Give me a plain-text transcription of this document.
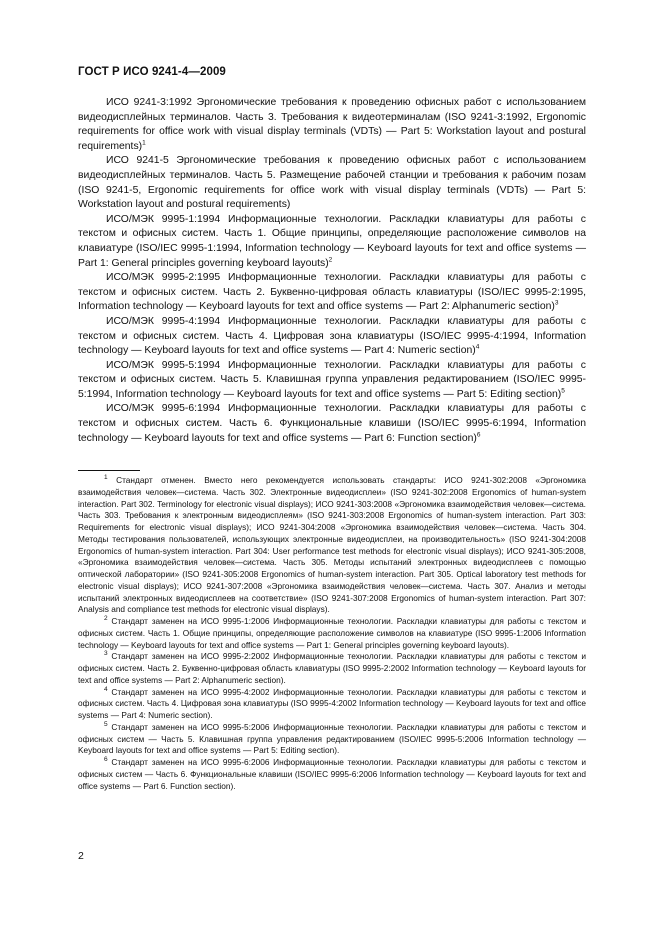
ГОСТ Р ИСО 9241-4—2009

ИСО 9241-3:1992 Эргономические требования к проведению офисных работ с использованием видеодисплейных терминалов. Часть 3. Требования к видеотерминалам (ISO 9241-3:1992, Ergonomic requirements for office work with visual display terminals (VDTs) — Part 5: Workstation layout and postural requirements)$^1$

ИСО 9241-5 Эргономические требования к проведению офисных работ с использованием видеодисплейных терминалов. Часть 5. Размещение рабочей станции и требования к рабочим позам (ISO 9241-5, Ergonomic requirements for office work with visual display terminals (VDTs) — Part 5: Workstation layout and postural requirements)

ИСО/МЭК 9995-1:1994 Информационные технологии. Раскладки клавиатуры для работы с текстом и офисных систем. Часть 1. Общие принципы, определяющие расположение символов на клавиатуре (ISO/IEC 9995-1:1994, Information technology — Keyboard layouts for text and office systems — Part 1: General principles governing keyboard layouts)$^2$

ИСО/МЭК 9995-2:1995 Информационные технологии. Раскладки клавиатуры для работы с текстом и офисных систем. Часть 2. Буквенно-цифровая область клавиатуры (ISO/IEC 9995-2:1995, Information technology — Keyboard layouts for text and office systems — Part 2: Alphanumeric section)$^3$

ИСО/МЭК 9995-4:1994 Информационные технологии. Раскладки клавиатуры для работы с текстом и офисных систем. Часть 4. Цифровая зона клавиатуры (ISO/IEC 9995-4:1994, Information technology — Keyboard layouts for text and office systems — Part 4: Numeric section)$^4$

ИСО/МЭК 9995-5:1994 Информационные технологии. Раскладки клавиатуры для работы с текстом и офисных систем. Часть 5. Клавишная группа управления редактированием (ISO/IEC 9995-5:1994, Information technology — Keyboard layouts for text and office systems — Part 5: Editing section)$^5$

ИСО/МЭК 9995-6:1994 Информационные технологии. Раскладки клавиатуры для работы с текстом и офисных систем. Часть 6. Функциональные клавиши (ISO/IEC 9995-6:1994, Information technology — Keyboard layouts for text and office systems — Part 6: Function section)$^6$

$^1$ Стандарт отменен. Вместо него рекомендуется использовать стандарты: ИСО 9241-302:2008 «Эргономика взаимодействия человек—система. Часть 302. Электронные видеодисплеи» (ISO 9241-302:2008 Ergonomics of human-system interaction. Part 302. Terminology for electronic visual displays); ИСО 9241-303:2008 «Эргономика взаимодействия человек—система. Часть 303. Требования к электронным видеодисплеям» (ISO 9241-303:2008 Ergonomics of human-system interaction. Part 303: Requirements for electronic visual displays); ИСО 9241-304:2008 «Эргономика взаимодействия человек—система. Часть 304. Методы тестирования пользователей, использующих электронные видеодисплеи, на производительность» (ISO 9241-304:2008 Ergonomics of human-system interaction. Part 304: User performance test methods for electronic visual displays); ИСО 9241-305:2008, «Эргономика взаимодействия человек—система. Часть 305. Методы испытаний электронных видеодисплеев с помощью оптической лаборатории» (ISO 9241-305:2008 Ergonomics of human-system interaction. Part 305. Optical laboratory test methods for electronic visual displays); ИСО 9241-307:2008 «Эргономика взаимодействия человек—система. Часть 307. Анализ и методы испытаний электронных видеодисплеев на соответствие» (ISO 9241-307:2008 Ergonomics of human-system interaction. Part 307: Analysis and compliance test methods for electronic visual displays).

$^2$ Стандарт заменен на ИСО 9995-1:2006 Информационные технологии. Раскладки клавиатуры для работы с текстом и офисных систем. Часть 1. Общие принципы, определяющие расположение символов на клавиатуре (ISO 9995-1:2006 Information technology — Keyboard layouts for text and office systems — Part 1: General principles governing keyboard layouts).

$^3$ Стандарт заменен на ИСО 9995-2:2002 Информационные технологии. Раскладки клавиатуры для работы с текстом и офисных систем. Часть 2. Буквенно-цифровая область клавиатуры (ISO 9995-2:2002 Information technology — Keyboard layouts for text and office systems — Part 2: Alphanumeric section).

$^4$ Стандарт заменен на ИСО 9995-4:2002 Информационные технологии. Раскладки клавиатуры для работы с текстом и офисных систем. Часть 4. Цифровая зона клавиатуры (ISO 9995-4:2002 Information technology — Keyboard layouts for text and office systems — Part 4: Numeric section).

$^5$ Стандарт заменен на ИСО 9995-5:2006 Информационные технологии. Раскладки клавиатуры для работы с текстом и офисных систем — Часть 5. Клавишная группа управления редактированием (ISO/IEC 9995-5:2006 Information technology — Keyboard layouts for text and office systems — Part 5: Editing section).

$^6$ Стандарт заменен на ИСО 9995-6:2006 Информационные технологии. Раскладки клавиатуры для работы с текстом и офисных систем — Часть 6. Функциональные клавиши (ISO/IEC 9995-6:2006 Information technology — Keyboard layouts for text and office systems — Part 6. Function section).

2
